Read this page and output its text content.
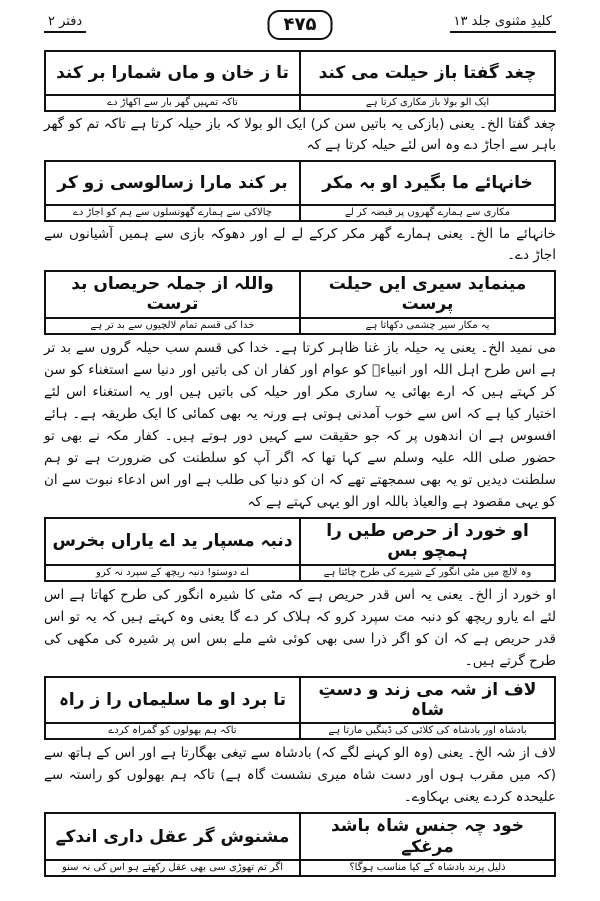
کلیدِ مثنوی جلد ۱۳
۴۷۵
دفتر ۲
چغد گفتا باز حیلت می کند	تا ز خان و ماں شمارا بر کند
ایک الو بولا باز مکاری کرتا ہے	تاکہ تمہیں گھر بار سے اکھاڑ دے
چغد گفتا الخ۔ یعنی (بازکی یہ باتیں سن کر) ایک الو بولا کہ باز حیلہ کرتا ہے تاکہ تم کو گھر باہر سے اجاڑ دے وہ اس لئے حیلہ کرتا ہے کہ
خانہائے ما بگیرد او بہ مکر	بر کند مارا زسالوسی زو کر
مکاری سے ہمارے گھروں پر قبضہ کر لے	چالاکی سے ہمارے گھونسلوں سے ہم کو اجاڑ دے
خانہائے ما الخ۔ یعنی ہمارے گھر مکر کرکے لے لے اور دھوکہ بازی سے ہمیں آشیانوں سے اجاڑ دے۔
مینماید سیری ایں حیلت پرست	واللہ از جملہ حریصاں بد ترست
یہ مکار سیر چشمی دکھاتا ہے	خدا کی قسم تمام لالچیوں سے بد تر ہے
می نمید الخ۔ یعنی یہ حیلہ باز غنا ظاہر کرتا ہے۔ خدا کی قسم سب حیلہ گروں سے بد تر ہے اس طرح اہل اللہ اور انبیاءؑ کو عوام اور کفار ان کی باتیں اور دنیا سے استغناء کو سن کر کہتے ہیں کہ ارے بھائی یہ ساری مکر اور حیلہ کی باتیں ہیں اور یہ استغناء اس لئے اختیار کیا ہے کہ اس سے خوب آمدنی ہوتی ہے ورنہ یہ بھی کمائی کا ایک طریقہ ہے۔ ہائے افسوس ہے ان اندھوں پر کہ جو حقیقت سے کہیں دور ہوتے ہیں۔ کفار مکہ نے بھی تو حضور صلی اللہ علیہ وسلم سے کہا تھا کہ اگر آپ کو سلطنت کی ضرورت ہے تو ہم سلطنت دیدیں تو یہ بھی سمجھتے تھے کہ ان کو دنیا کی طلب ہے اور اس ادعاء نبوت سے ان کو یہی مقصود ہے والعیاذ باللہ اور الو یہی کہتے ہے کہ
او خورد از حرص طیں را ہمچو بس	دنبہ مسپار ید اے یاراں بخرس
وہ لالچ میں مٹی انگور کے شیرے کی طرح چاٹتا ہے	اے دوستو! دنبہ ریچھ کے سپرد نہ کرو
او خورد از الخ۔ یعنی یہ اس قدر حریص ہے کہ مٹی کا شیرہ انگور کی طرح کھاتا ہے اس لئے اے یارو ریچھ کو دنبہ مت سپرد کرو کہ ہلاک کر دے گا یعنی وہ کہتے ہیں کہ یہ تو اس قدر حریص ہے کہ ان کو اگر ذرا سی بھی کوئی شے ملے بس اس پر شیرہ کی مکھی کی طرح گرتے ہیں۔
لاف از شہ می زند و دستِ شاہ	تا برد او ما سلیماں را ز راہ
بادشاہ اور بادشاہ کی کلائی کی ڈینگیں مارتا ہے	تاکہ ہم بھولوں کو گمراہ کردے
لاف از شہ الخ۔ یعنی (وہ الو کہنے لگے کہ) بادشاہ سے تیغی بھگارتا ہے اور اس کے ہاتھ سے (کہ میں مقرب ہوں اور دست شاہ میری نشست گاہ ہے) تاکہ ہم بھولوں کو راستہ سے علیحدہ کردے یعنی بہکاوے۔
خود چہ جنس شاہ باشد مرغکے	مشنوش گر عقل داری اندکے
ذلیل پرند بادشاہ کے کیا مناسب ہوگا؟	اگر تم تھوڑی سی بھی عقل رکھتے ہو اس کی نہ سنو
